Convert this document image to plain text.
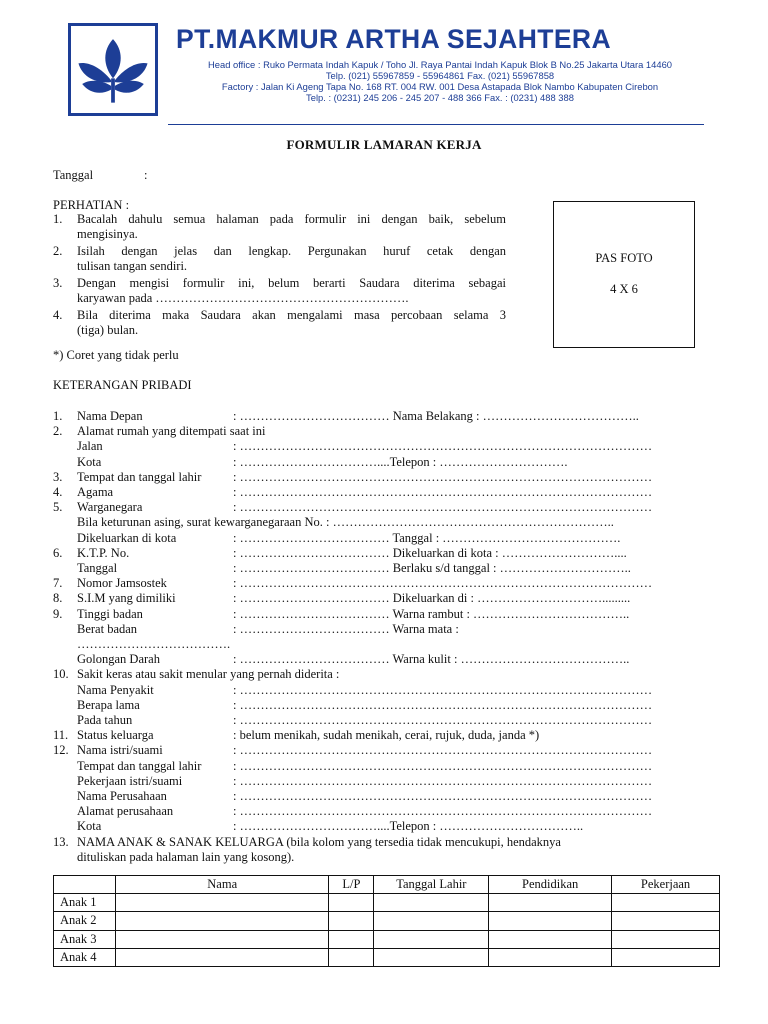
PT.MAKMUR ARTHA SEJAHTERA
Head office : Ruko Permata Indah Kapuk / Toho Jl. Raya Pantai Indah Kapuk Blok B No.25 Jakarta Utara 14460
Telp. (021) 55967859 - 55964861 Fax. (021) 55967858
Factory : Jalan Ki Ageng Tapa No. 168 RT. 004 RW. 001 Desa Astapada Blok Nambo Kabupaten Cirebon
Telp. : (0231) 245 206 - 245 207 - 488 366 Fax. : (0231) 488 388
FORMULIR LAMARAN KERJA
Tanggal	:
PERHATIAN :
1. Bacalah dahulu semua halaman pada formulir ini dengan baik, sebelum
mengisinya.
2. Isilah dengan jelas dan lengkap. Pergunakan huruf cetak dengan
tulisan tangan sendiri.
3. Dengan mengisi formulir ini, belum berarti Saudara diterima sebagai
karyawan pada …………………………………………………….
4. Bila diterima maka Saudara akan mengalami masa percobaan selama 3
(tiga) bulan.
*) Coret yang tidak perlu
PAS FOTO
4 X 6
KETERANGAN PRIBADI
1. Nama Depan	: ……………………………… Nama Belakang : ………………………………..
2. Alamat rumah yang ditempati saat ini
Jalan	: ………………………………………………………………………………………
Kota	: ……………………………....Telepon : ………………………….
3. Tempat dan tanggal lahir	: ………………………………………………………………………………………
4. Agama	: ………………………………………………………………………………………
5. Warganegara	: ………………………………………………………………………………………
Bila keturunan asing, surat kewarganegaraan No. : …………………………………………………………..
Dikeluarkan di kota	: ……………………………… Tanggal : …………………………………….
6. K.T.P. No.	: ……………………………… Dikeluarkan di kota : ………………………....
Tanggal	: ……………………………… Berlaku s/d tanggal : …………………………..
7. Nomor Jamsostek	: ………………………………………………………………………………………
8. S.I.M yang dimiliki	: ……………………………… Dikeluarkan di : ………………………….........
9. Tinggi badan	: ……………………………… Warna rambut : ………………………………..
Berat badan	: ……………………………… Warna mata :
……………………………….
Golongan Darah	: ……………………………… Warna kulit : …………………………………..
10. Sakit keras atau sakit menular yang pernah diderita :
Nama Penyakit	: ………………………………………………………………………………………
Berapa lama	: ………………………………………………………………………………………
Pada tahun	: ………………………………………………………………………………………
11. Status keluarga	: belum menikah, sudah menikah, cerai, rujuk, duda, janda *)
12. Nama istri/suami	: ………………………………………………………………………………………
Tempat dan tanggal lahir	: ………………………………………………………………………………………
Pekerjaan istri/suami	: ………………………………………………………………………………………
Nama Perusahaan	: ………………………………………………………………………………………
Alamat perusahaan	: ………………………………………………………………………………………
Kota	: ……………………………....Telepon : ……………………………..
13. NAMA ANAK & SANAK KELUARGA (bila kolom yang tersedia tidak mencukupi, hendaknya
dituliskan pada halaman lain yang kosong).
	Nama	L/P	Tanggal Lahir	Pendidikan	Pekerjaan
Anak 1					
Anak 2					
Anak 3					
Anak 4					
